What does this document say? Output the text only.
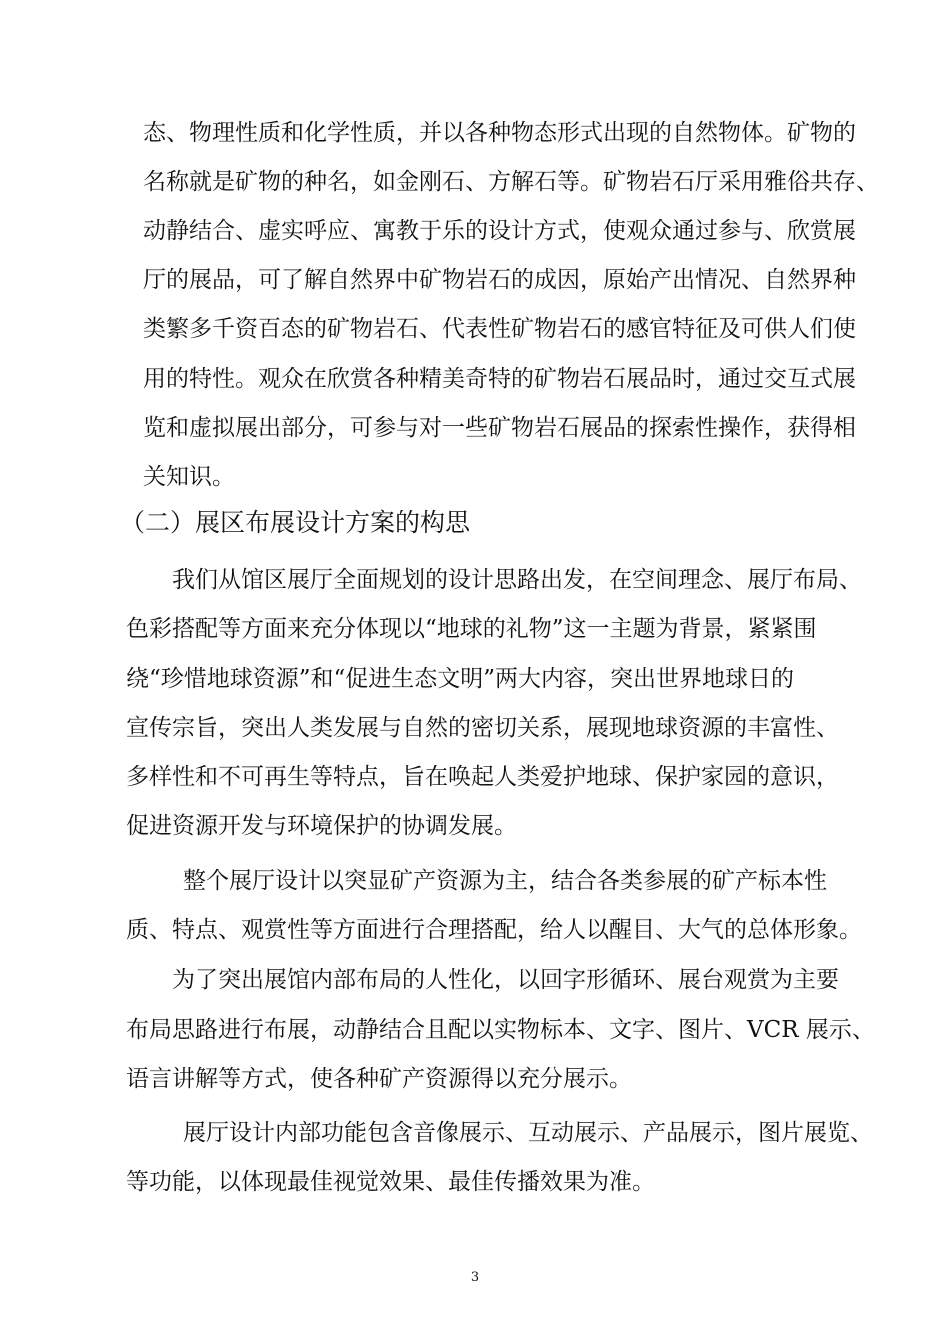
态、物理性质和化学性质，并以各种物态形式出现的自然物体。矿物的

名称就是矿物的种名，如金刚石、方解石等。矿物岩石厅采用雅俗共存、

动静结合、虚实呼应、寓教于乐的设计方式，使观众通过参与、欣赏展

厅的展品，可了解自然界中矿物岩石的成因，原始产出情况、自然界种

类繁多千资百态的矿物岩石、代表性矿物岩石的感官特征及可供人们使

用的特性。观众在欣赏各种精美奇特的矿物岩石展品时，通过交互式展

览和虚拟展出部分，可参与对一些矿物岩石展品的探索性操作，获得相

关知识。

（二）展区布展设计方案的构思

我们从馆区展厅全面规划的设计思路出发，在空间理念、展厅布局、

色彩搭配等方面来充分体现以“地球的礼物”这一主题为背景，紧紧围

绕“珍惜地球资源”和“促进生态文明”两大内容，突出世界地球日的

宣传宗旨，突出人类发展与自然的密切关系，展现地球资源的丰富性、

多样性和不可再生等特点，旨在唤起人类爱护地球、保护家园的意识，

促进资源开发与环境保护的协调发展。

整个展厅设计以突显矿产资源为主，结合各类参展的矿产标本性

质、特点、观赏性等方面进行合理搭配，给人以醒目、大气的总体形象。

为了突出展馆内部布局的人性化，以回字形循环、展台观赏为主要

布局思路进行布展，动静结合且配以实物标本、文字、图片、VCR 展示、

语言讲解等方式，使各种矿产资源得以充分展示。

展厅设计内部功能包含音像展示、互动展示、产品展示，图片展览、

等功能，以体现最佳视觉效果、最佳传播效果为准。

3
